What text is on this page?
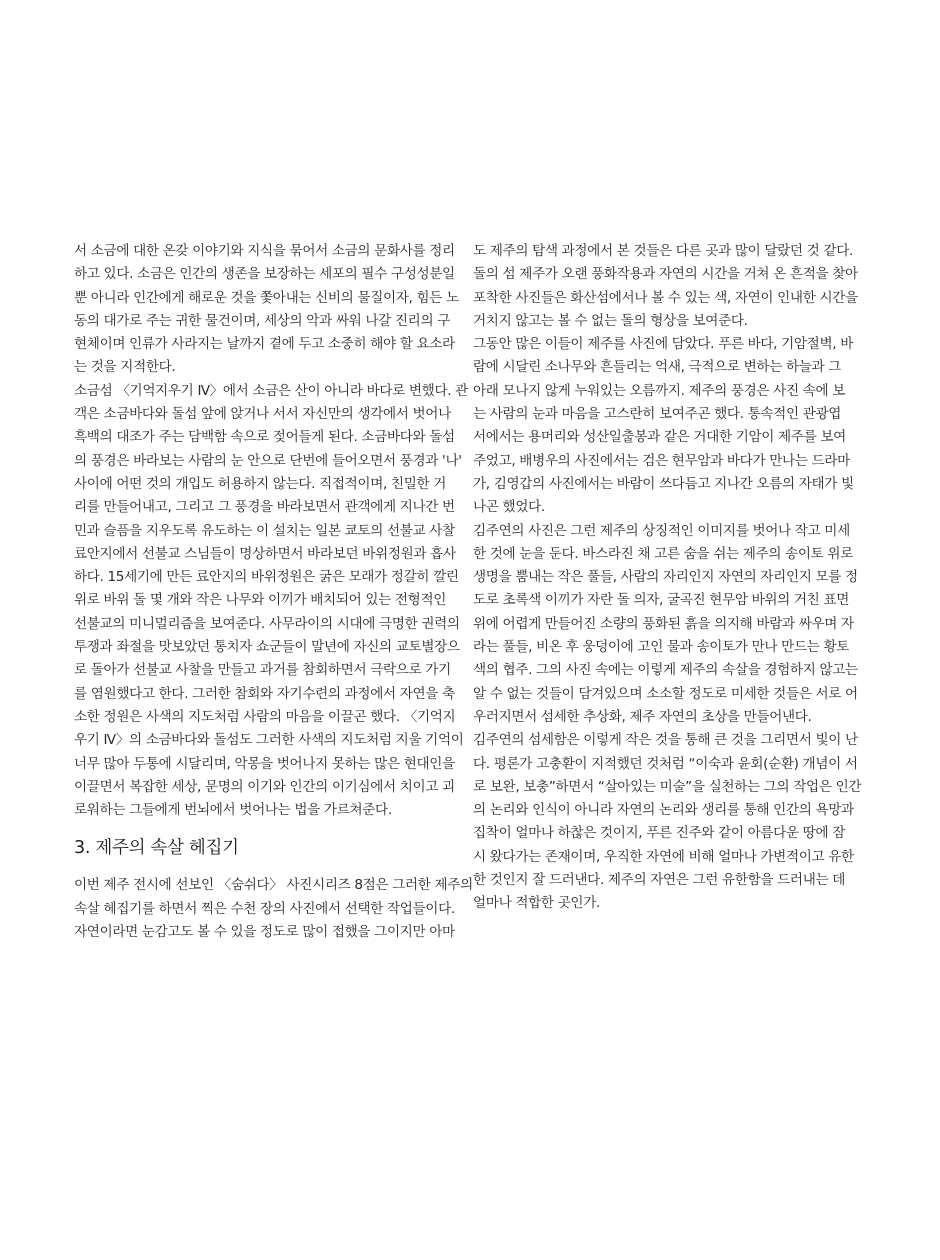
서 소금에 대한 온갖 이야기와 지식을 묶어서 소금의 문화사를 정리
하고 있다. 소금은 인간의 생존을 보장하는 세포의 필수 구성성분일
뿐 아니라 인간에게 해로운 것을 쫓아내는 신비의 물질이자, 힘든 노
동의 대가로 주는 귀한 물건이며, 세상의 악과 싸워 나갈 진리의 구
현체이며 인류가 사라지는 날까지 곁에 두고 소중히 해야 할 요소라
는 것을 지적한다.
소금섬 〈기억지우기 Ⅳ〉에서 소금은 산이 아니라 바다로 변했다. 관
객은 소금바다와 돌섬 앞에 앉거나 서서 자신만의 생각에서 벗어나
흑백의 대조가 주는 담백함 속으로 젖어들게 된다. 소금바다와 돌섬
의 풍경은 바라보는 사람의 눈 안으로 단번에 들어오면서 풍경과 '나'
사이에 어떤 것의 개입도 허용하지 않는다. 직접적이며, 친밀한 거
리를 만들어내고, 그리고 그 풍경을 바라보면서 관객에게 지나간 번
민과 슬픔을 지우도록 유도하는 이 설치는 일본 쿄토의 선불교 사찰
료안지에서 선불교 스님들이 명상하면서 바라보던 바위정원과 흡사
하다. 15세기에 만든 료안지의 바위정원은 굵은 모래가 정갈히 깔린
위로 바위 돌 몇 개와 작은 나무와 이끼가 배치되어 있는 전형적인
선불교의 미니멀리즘을 보여준다. 사무라이의 시대에 극명한 권력의
투쟁과 좌절을 맛보았던 통치자 쇼군들이 말년에 자신의 교토별장으
로 돌아가 선불교 사찰을 만들고 과거를 참회하면서 극락으로 가기
를 염원했다고 한다. 그러한 참회와 자기수련의 과정에서 자연을 축
소한 정원은 사색의 지도처럼 사람의 마음을 이끌곤 했다. 〈기억지
우기 Ⅳ〉의 소금바다와 돌섬도 그러한 사색의 지도처럼 지울 기억이
너무 많아 두통에 시달리며, 악몽을 벗어나지 못하는 많은 현대인을
이끌면서 복잡한 세상, 문명의 이기와 인간의 이기심에서 치이고 괴
로워하는 그들에게 번뇌에서 벗어나는 법을 가르쳐준다.
3. 제주의 속살 헤집기
이번 제주 전시에 선보인 〈숨쉬다〉 사진시리즈 8점은 그러한 제주의
속살 헤집기를 하면서 찍은 수천 장의 사진에서 선택한 작업들이다.
자연이라면 눈감고도 볼 수 있을 정도로 많이 접했을 그이지만 아마
도 제주의 탐색 과정에서 본 것들은 다른 곳과 많이 달랐던 것 같다.
돌의 섬 제주가 오랜 풍화작용과 자연의 시간을 거쳐 온 흔적을 찾아
포착한 사진들은 화산섬에서나 볼 수 있는 색, 자연이 인내한 시간을
거치지 않고는 볼 수 없는 돌의 형상을 보여준다.
그동안 많은 이들이 제주를 사진에 담았다. 푸른 바다, 기암절벽, 바
람에 시달린 소나무와 흔들리는 억새, 극적으로 변하는 하늘과 그
아래 모나지 않게 누워있는 오름까지. 제주의 풍경은 사진 속에 보
는 사람의 눈과 마음을 고스란히 보여주곤 했다. 통속적인 관광엽
서에서는 용머리와 성산일출봉과 같은 거대한 기암이 제주를 보여
주었고, 배병우의 사진에서는 검은 현무암과 바다가 만나는 드라마
가, 김영갑의 사진에서는 바람이 쓰다듬고 지나간 오름의 자태가 빛
나곤 했었다.
김주연의 사진은 그런 제주의 상징적인 이미지를 벗어나 작고 미세
한 것에 눈을 둔다. 바스라진 채 고른 숨을 쉬는 제주의 송이토 위로
생명을 뿜내는 작은 풀들, 사람의 자리인지 자연의 자리인지 모를 정
도로 초록색 이끼가 자란 돌 의자, 굴곡진 현무암 바위의 거친 표면
위에 어렵게 만들어진 소량의 풍화된 흙을 의지해 바람과 싸우며 자
라는 풀들, 비온 후 웅덩이에 고인 물과 송이토가 만나 만드는 황토
색의 협주. 그의 사진 속에는 이렇게 제주의 속살을 경험하지 않고는
알 수 없는 것들이 담겨있으며 소소할 정도로 미세한 것들은 서로 어
우러지면서 섬세한 추상화, 제주 자연의 초상을 만들어낸다.
김주연의 섬세함은 이렇게 작은 것을 통해 큰 것을 그리면서 빛이 난
다. 평론가 고충환이 지적했던 것처럼 “이숙과 윤회(순환) 개념이 서
로 보완, 보충”하면서 “살아있는 미술”을 실천하는 그의 작업은 인간
의 논리와 인식이 아니라 자연의 논리와 생리를 통해 인간의 욕망과
집착이 얼마나 하찮은 것이지, 푸른 진주와 같이 아름다운 땅에 잠
시 왔다가는 존재이며, 우직한 자연에 비해 얼마나 가변적이고 유한
한 것인지 잘 드러낸다. 제주의 자연은 그런 유한함을 드러내는 데
얼마나 적합한 곳인가.
